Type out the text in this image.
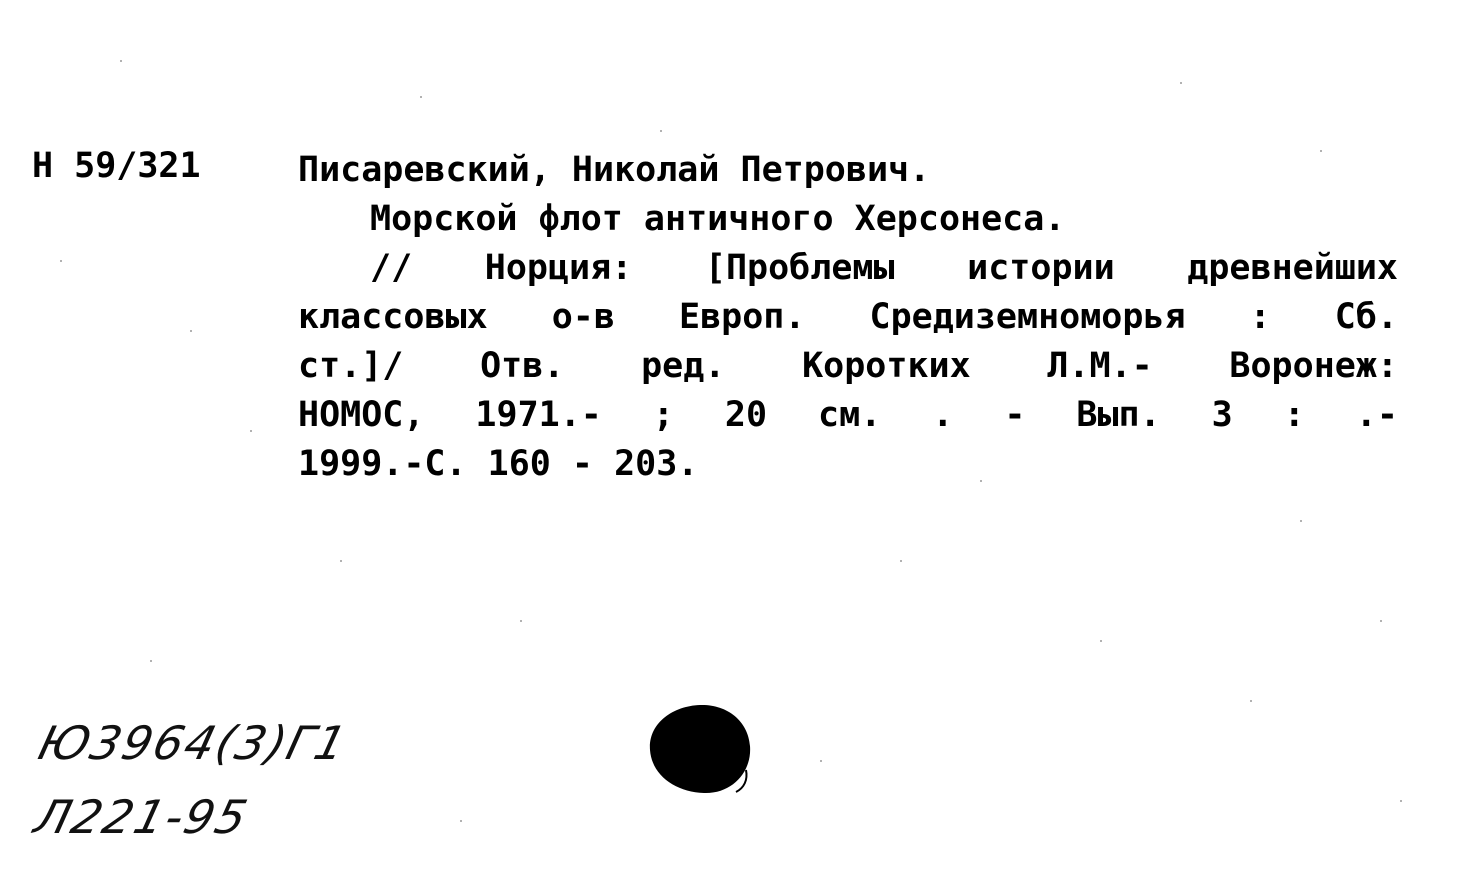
Н 59/321	Писаревский, Николай Петрович.
Морской флот античного Херсонеса.
// Норция: [Проблемы истории древнейших
классовых о-в Европ. Средиземноморья : Сб.
ст.]/ Отв. ред. Коротких Л.М.- Воронеж:
НОМОС, 1971.- ; 20 см. . - Вып. 3 : .-
1999.-С. 160 - 203.
Ю3964(3)Г1
Л221-95
